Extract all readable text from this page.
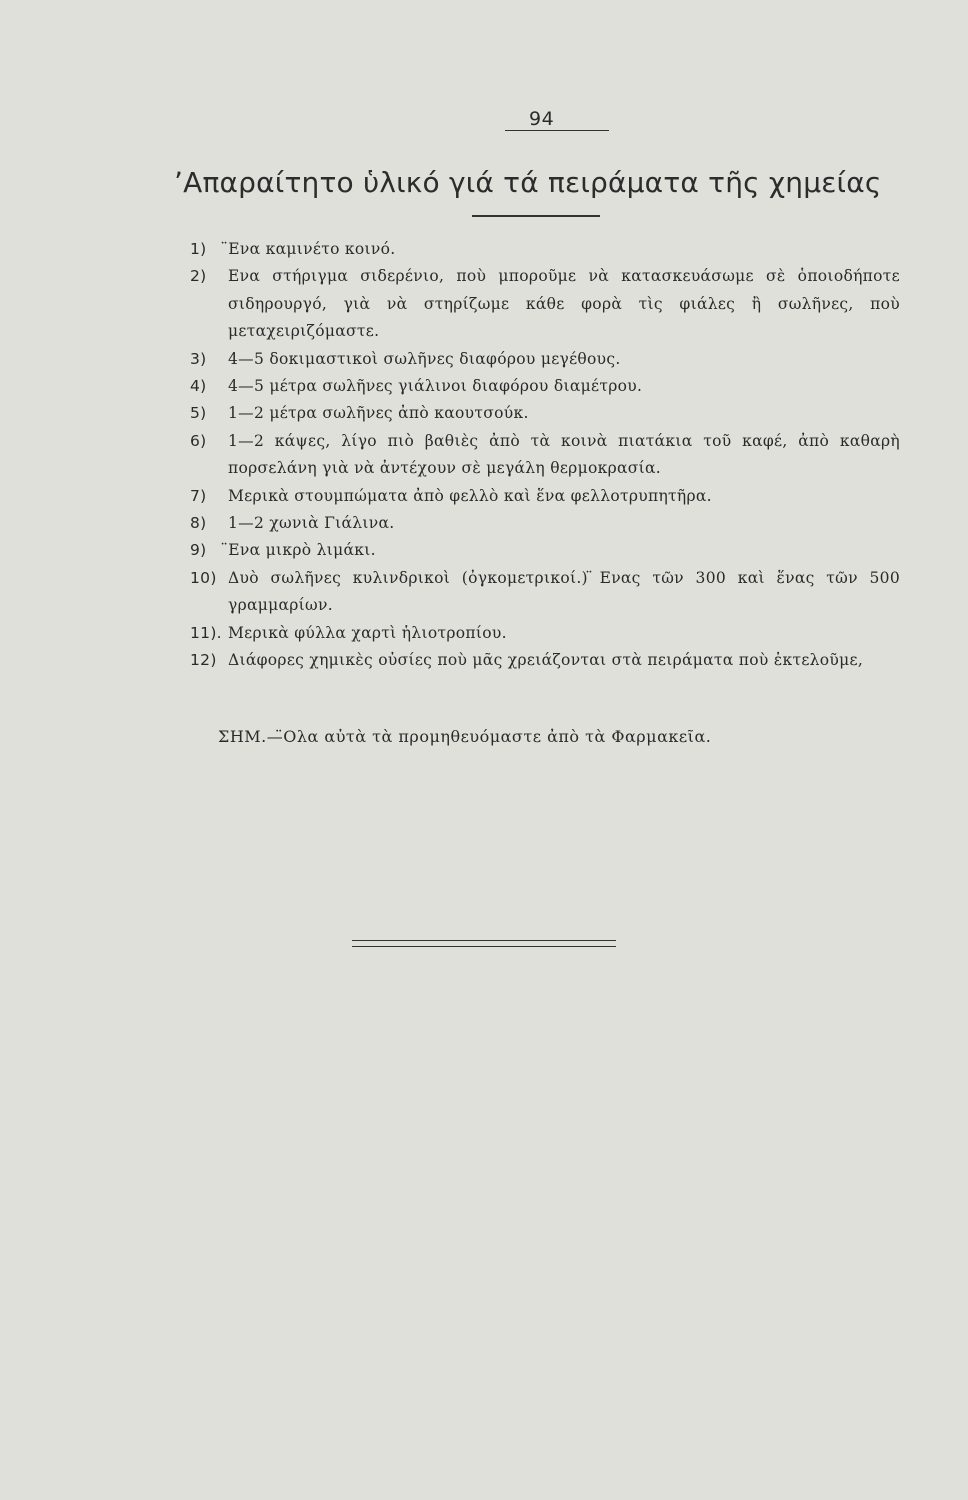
94
ʼΑπαραίτητο ὑλικό γιά τά πειράματα τῆς χημείας
1)	̈Ενα καμινέτο κοινό.
2)	Ενα στήριγμα σιδερένιο, ποὺ μποροῦμε νὰ κατασκευάσωμε σὲ ὁποιοδήποτε σιδηρουργό, γιὰ νὰ στηρίζωμε κάθε φορὰ τὶς φιάλες ἢ σωλῆνες, ποὺ μεταχειριζόμαστε.
3)	4—5 δοκιμαστικοὶ σωλῆνες διαφόρου μεγέθους.
4)	4—5 μέτρα σωλῆνες γιάλινοι διαφόρου διαμέτρου.
5)	1—2 μέτρα σωλῆνες ἀπὸ καουτσούκ.
6)	1—2 κάψες, λίγο πιὸ βαθιὲς ἀπὸ τὰ κοινὰ πιατάκια τοῦ καφέ, ἀπὸ καθαρὴ πορσελάνη γιὰ νὰ ἀντέχουν σὲ μεγάλη θερμοκρασία.
7)	Μερικὰ στουμπώματα ἀπὸ φελλὸ καὶ ἕνα φελλοτρυπητῆρα.
8)	1—2 χωνιὰ Γιάλινα.
9)	̈Ενα μικρὸ λιμάκι.
10) Δυὸ σωλῆνες κυλινδρικοὶ (ὀγκομετρικοί.) ̈Ενας τῶν 300 καὶ ἕνας τῶν 500 γραμμαρίων.
11). Μερικὰ φύλλα χαρτὶ ἡλιοτροπίου.
12) Διάφορες χημικὲς οὐσίες ποὺ μᾶς χρειάζονται στὰ πειράματα ποὺ ἐκτελοῦμε,

ΣΗΜ.—̈Ολα αὐτὰ τὰ προμηθευόμαστε ἀπὸ τὰ Φαρμακεῖα.
